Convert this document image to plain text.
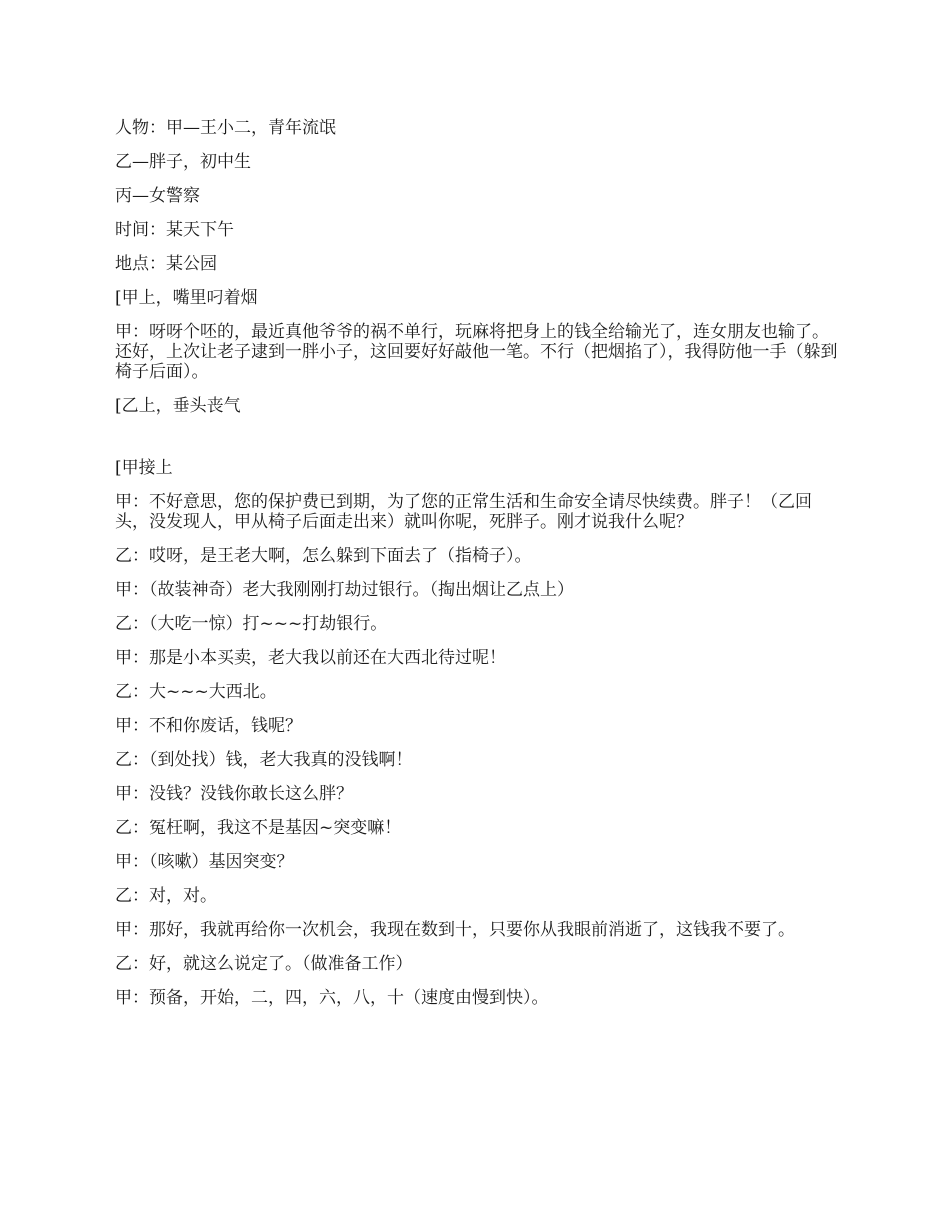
人物：甲—王小二，青年流氓

乙—胖子，初中生

丙—女警察

时间：某天下午

地点：某公园

[甲上，嘴里叼着烟

甲：呀呀个呸的，最近真他爷爷的祸不单行，玩麻将把身上的钱全给输光了，连女朋友也输了。还好，上次让老子逮到一胖小子，这回要好好敲他一笔。不行（把烟掐了），我得防他一手（躲到椅子后面）。

[乙上，垂头丧气

[甲接上

甲：不好意思，您的保护费已到期，为了您的正常生活和生命安全请尽快续费。胖子！（乙回头，没发现人，甲从椅子后面走出来）就叫你呢，死胖子。刚才说我什么呢？

乙：哎呀，是王老大啊，怎么躲到下面去了（指椅子）。

甲：（故装神奇）老大我刚刚打劫过银行。（掏出烟让乙点上）

乙：（大吃一惊）打~~~打劫银行。

甲：那是小本买卖，老大我以前还在大西北待过呢！

乙：大~~~大西北。

甲：不和你废话，钱呢？

乙：（到处找）钱，老大我真的没钱啊！

甲：没钱？没钱你敢长这么胖？

乙：冤枉啊，我这不是基因~突变嘛！

甲：（咳嗽）基因突变？

乙：对，对。

甲：那好，我就再给你一次机会，我现在数到十，只要你从我眼前消逝了，这钱我不要了。

乙：好，就这么说定了。（做准备工作）

甲：预备，开始，二，四，六，八，十（速度由慢到快）。
